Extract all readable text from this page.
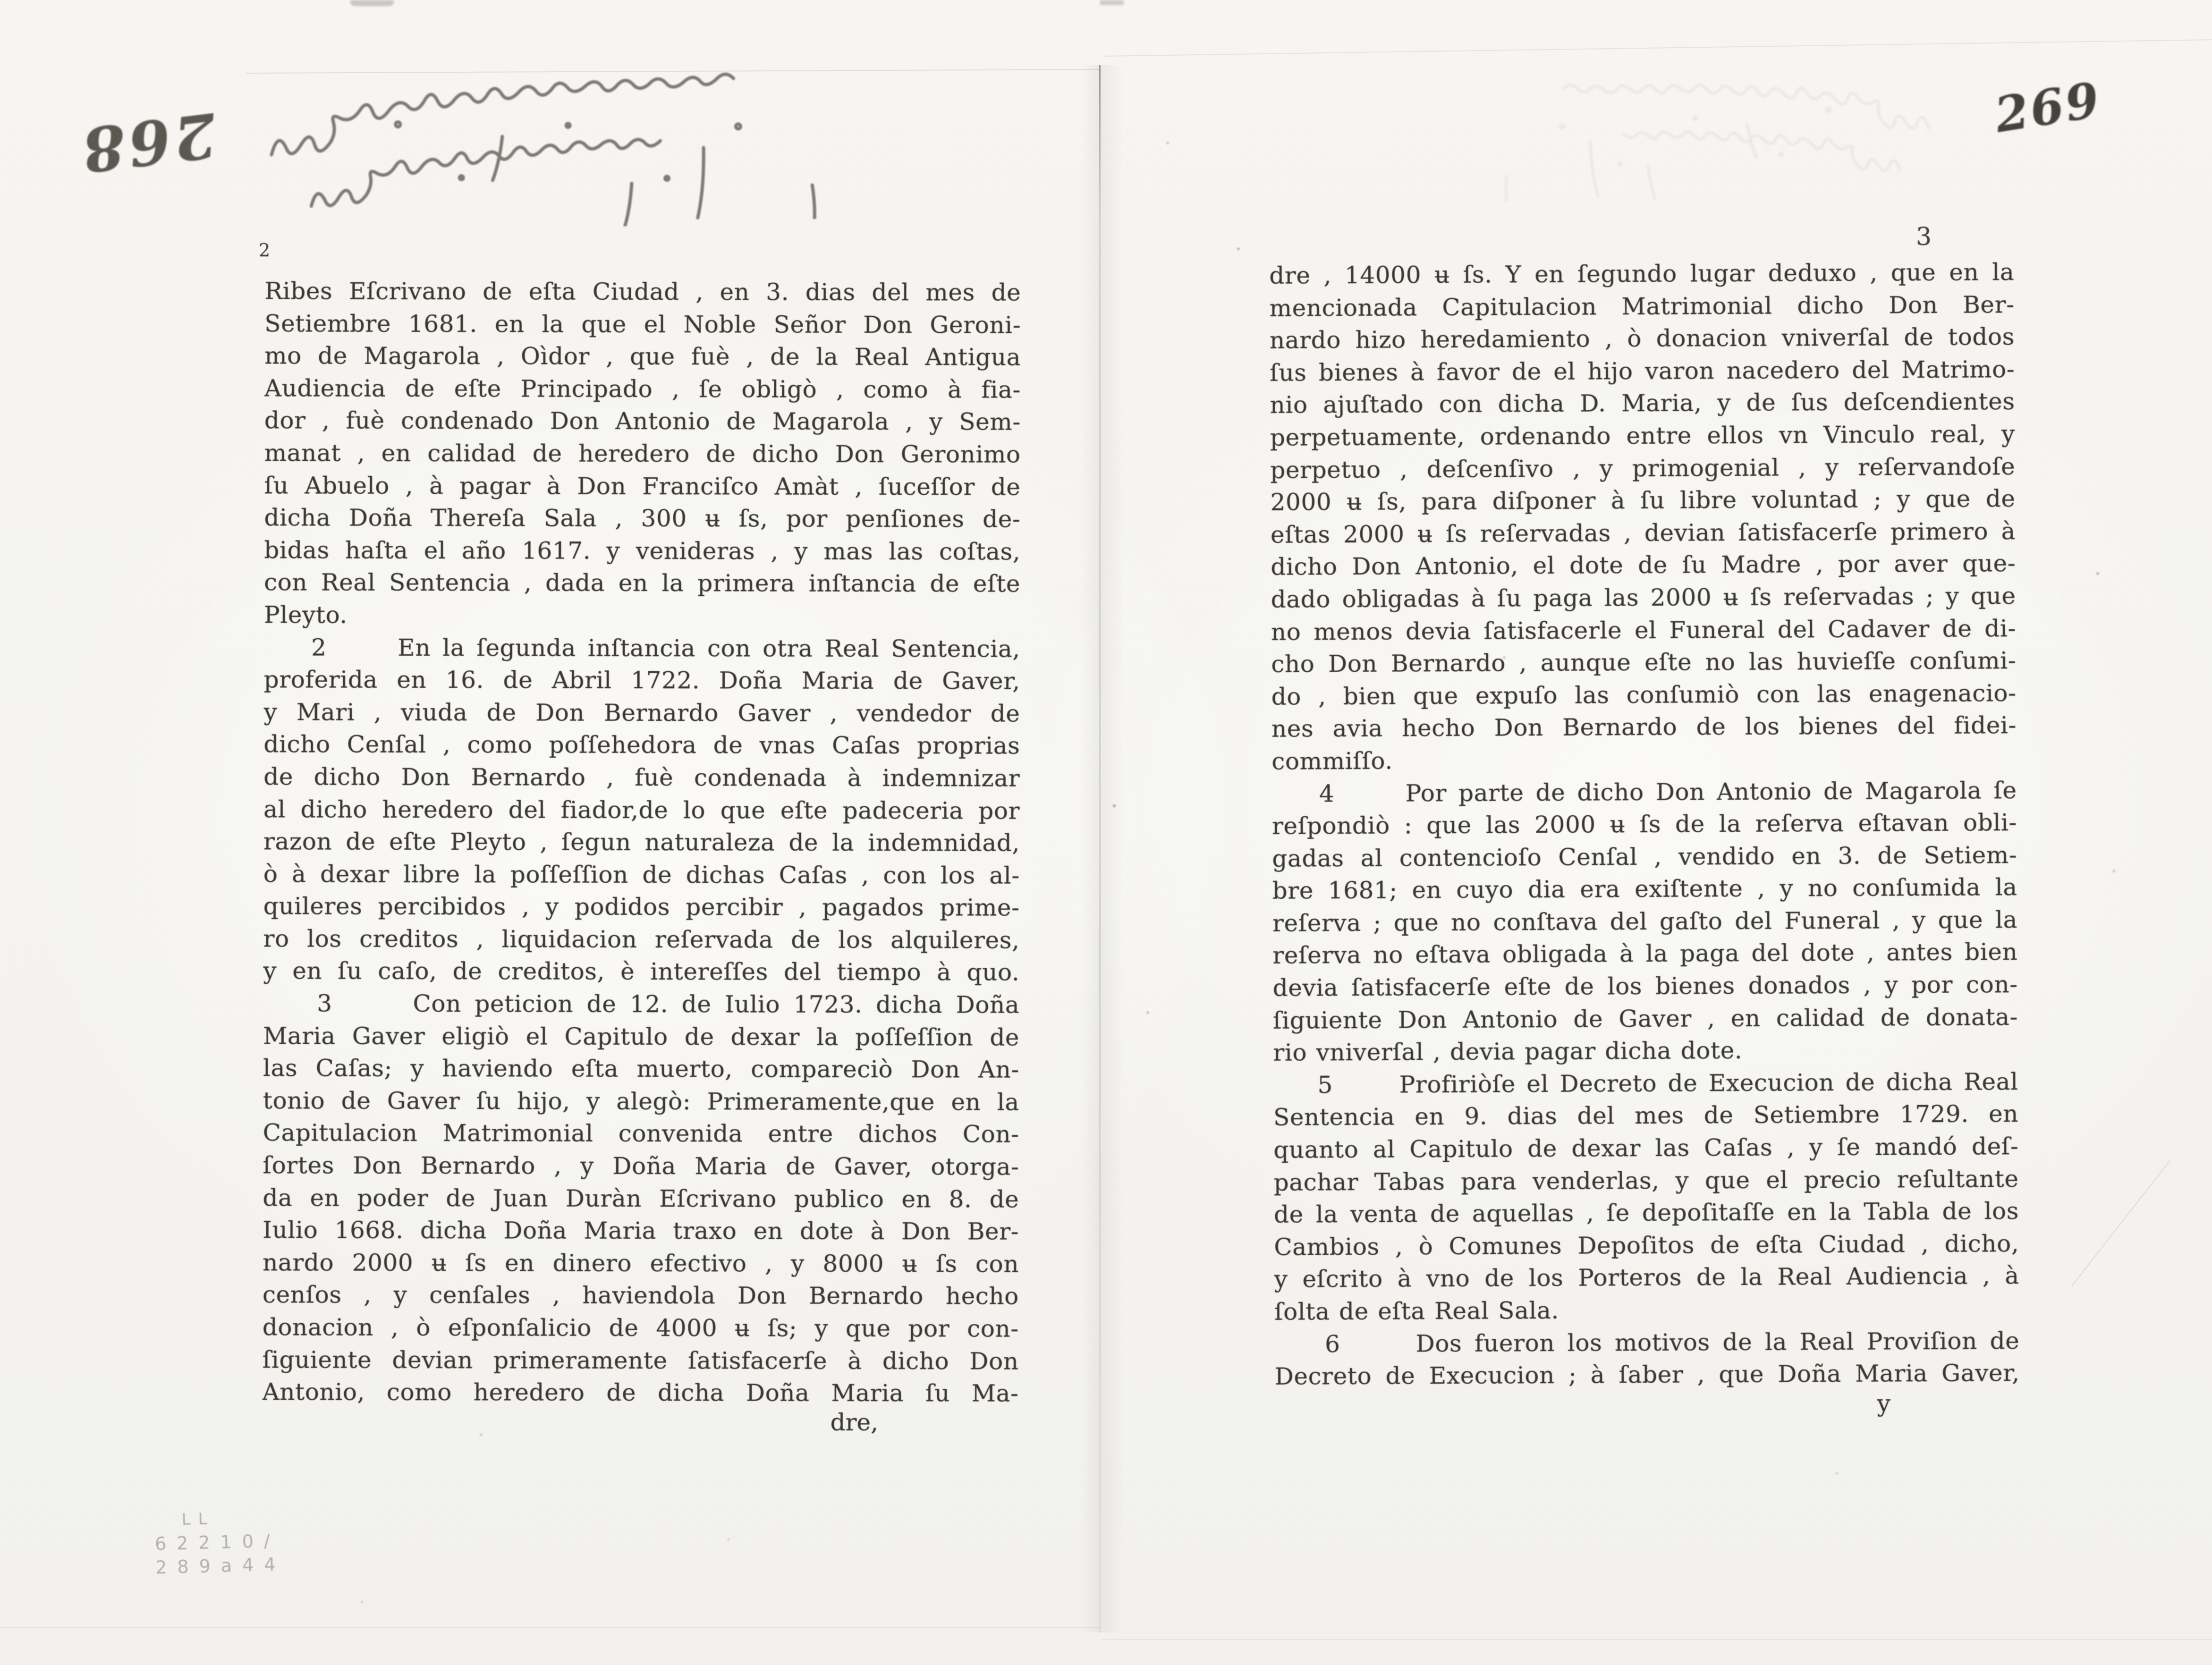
268	269
2
Ribes Eſcrivano de eſta Ciudad , en 3. dias del mes de
Setiembre 1681. en la que el Noble Señor Don Geroni-
mo de Magarola , Oìdor , que fuè , de la Real Antigua
Audiencia de eſte Principado , ſe obligò , como à fia-
dor , fuè condenado Don Antonio de Magarola , y Sem-
manat , en calidad de heredero de dicho Don Geronimo
ſu Abuelo , à pagar à Don Franciſco Amàt , ſuceſſor de
dicha Doña Thereſa Sala , 300 ʉ ſs, por penſiones de-
bidas haſta el año 1617. y venideras , y mas las coſtas,
con Real Sentencia , dada en la primera inſtancia de eſte
Pleyto.
2      En la ſegunda inſtancia con otra Real Sentencia,
proferida en 16. de Abril 1722. Doña Maria de Gaver,
y Mari , viuda de Don Bernardo Gaver , vendedor de
dicho Cenſal , como poſſehedora de vnas Caſas proprias
de dicho Don Bernardo , fuè condenada à indemnizar
al dicho heredero del fiador,de lo que eſte padeceria por
razon de eſte Pleyto , ſegun naturaleza de la indemnidad,
ò à dexar libre la poſſeſſion de dichas Caſas , con los al-
quileres percibidos , y podidos percibir , pagados prime-
ro los creditos , liquidacion reſervada de los alquileres,
y en ſu caſo, de creditos, è intereſſes del tiempo à quo.
3      Con peticion de 12. de Iulio 1723. dicha Doña
Maria Gaver eligiò el Capitulo de dexar la poſſeſſion de
las Caſas; y haviendo eſta muerto, compareciò Don An-
tonio de Gaver ſu hijo, y alegò: Primeramente,que en la
Capitulacion Matrimonial convenida entre dichos Con-
ſortes Don Bernardo , y Doña Maria de Gaver, otorga-
da en poder de Juan Duràn Eſcrivano publico en 8. de
Iulio 1668. dicha Doña Maria traxo en dote à Don Ber-
nardo 2000 ʉ ſs en dinero efectivo , y 8000 ʉ ſs con
cenſos , y cenſales , haviendola Don Bernardo hecho
donacion , ò eſponſalicio de 4000 ʉ ſs; y que por con-
ſiguiente devian primeramente ſatisfacerſe à dicho Don
Antonio, como heredero de dicha Doña Maria ſu Ma-
dre,
3
dre , 14000 ʉ ſs. Y en ſegundo lugar deduxo , que en la
mencionada Capitulacion Matrimonial dicho Don Ber-
nardo hizo heredamiento , ò donacion vniverſal de todos
ſus bienes à favor de el hijo varon nacedero del Matrimo-
nio ajuſtado con dicha D. Maria, y de ſus deſcendientes
perpetuamente, ordenando entre ellos vn Vinculo real, y
perpetuo , deſcenſivo , y primogenial , y reſervandoſe
2000 ʉ ſs, para diſponer à ſu libre voluntad ; y que de
eſtas 2000 ʉ ſs reſervadas , devian ſatisfacerſe primero à
dicho Don Antonio, el dote de ſu Madre , por aver que-
dado obligadas à ſu paga las 2000 ʉ ſs reſervadas ; y que
no menos devia ſatisfacerle el Funeral del Cadaver de di-
cho Don Bernardo , aunque eſte no las huvieſſe conſumi-
do , bien que expuſo las conſumiò con las enagenacio-
nes avia hecho Don Bernardo de los bienes del fidei-
commiſſo.
4      Por parte de dicho Don Antonio de Magarola ſe
reſpondiò : que las 2000 ʉ ſs de la reſerva eſtavan obli-
gadas al contencioſo Cenſal , vendido en 3. de Setiem-
bre 1681; en cuyo dia era exiſtente , y no conſumida la
reſerva ; que no conſtava del gaſto del Funeral , y que la
reſerva no eſtava obligada à la paga del dote , antes bien
devia ſatisfacerſe eſte de los bienes donados , y por con-
ſiguiente Don Antonio de Gaver , en calidad de donata-
rio vniverſal , devia pagar dicha dote.
5      Profiriòſe el Decreto de Execucion de dicha Real
Sentencia en 9. dias del mes de Setiembre 1729. en
quanto al Capitulo de dexar las Caſas , y ſe mandó deſ-
pachar Tabas para venderlas, y que el precio reſultante
de la venta de aquellas , ſe depoſitaſſe en la Tabla de los
Cambios , ò Comunes Depoſitos de eſta Ciudad , dicho,
y eſcrito à vno de los Porteros de la Real Audiencia , à
ſolta de eſta Real Sala.
6      Dos fueron los motivos de la Real Proviſion de
Decreto de Execucion ; à ſaber , que Doña Maria Gaver,
y
LL
62210/
289a44
